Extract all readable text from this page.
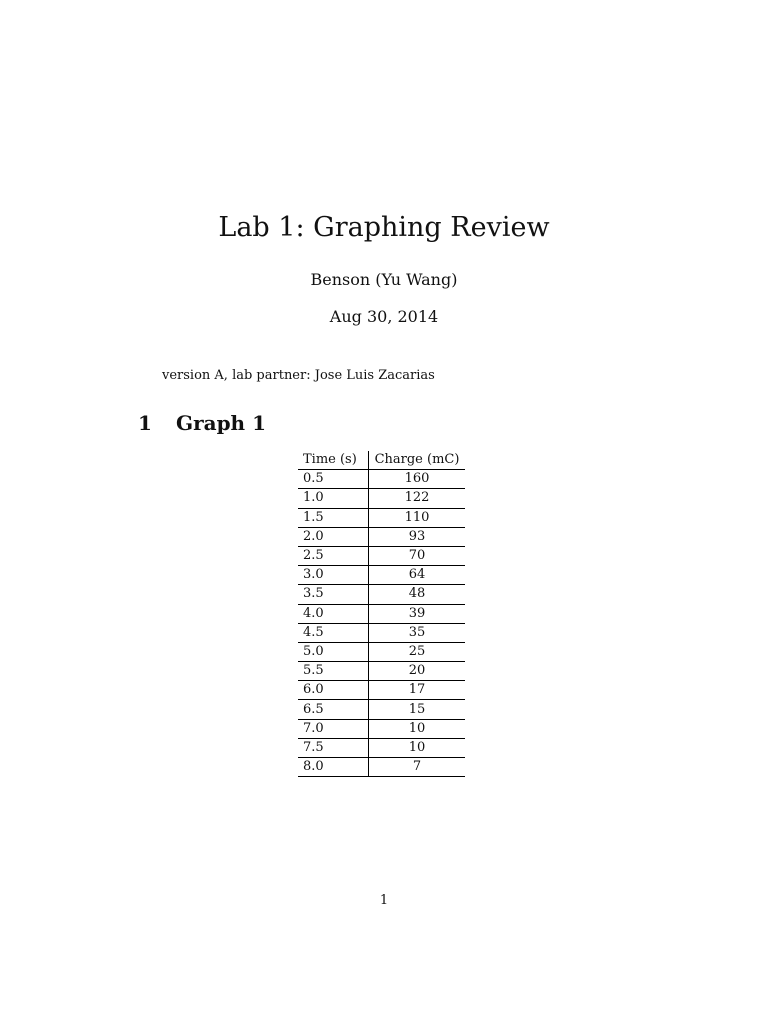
Lab 1: Graphing Review
Benson (Yu Wang)
Aug 30, 2014
version A, lab partner: Jose Luis Zacarias
1 Graph 1
Time (s)	Charge (mC)
0.5	160
1.0	122
1.5	110
2.0	93
2.5	70
3.0	64
3.5	48
4.0	39
4.5	35
5.0	25
5.5	20
6.0	17
6.5	15
7.0	10
7.5	10
8.0	7
1
